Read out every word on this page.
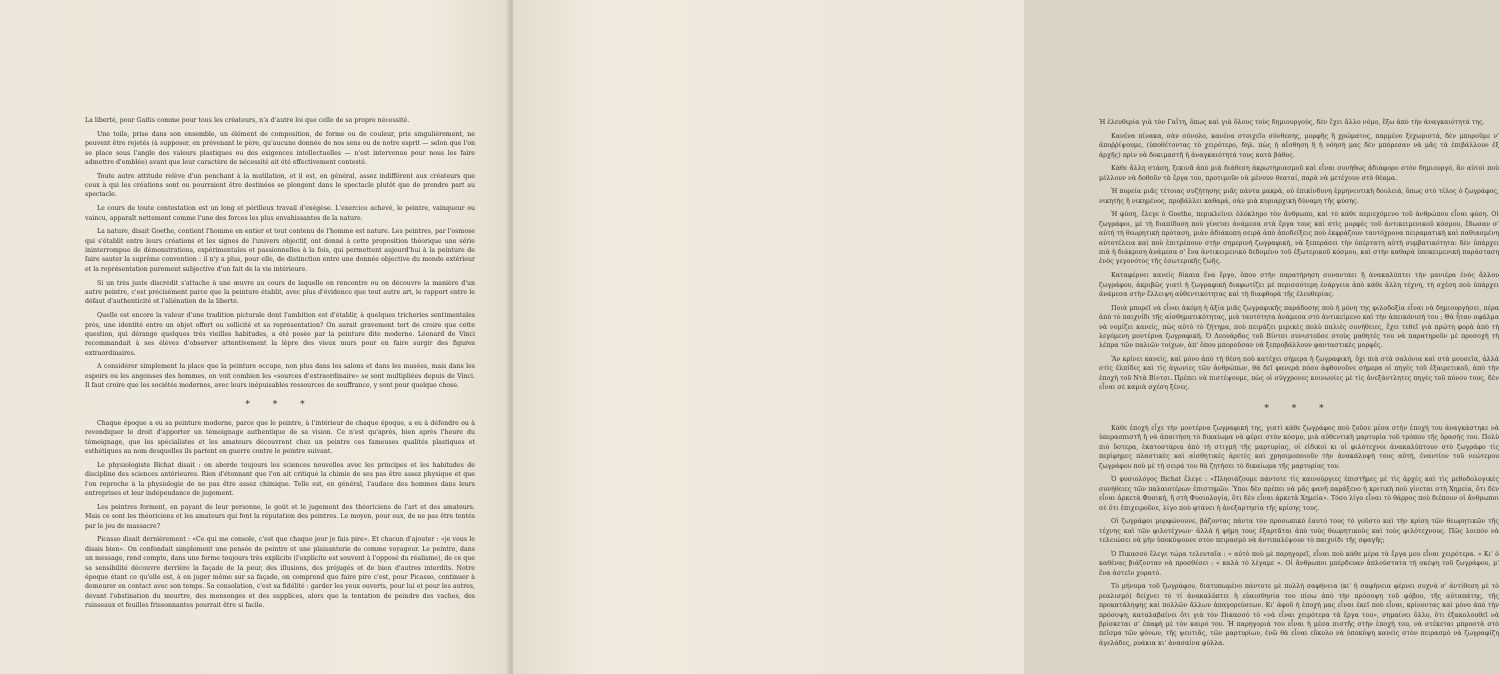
La liberté, pour Gaitis comme pour tous les créateurs, n'a d'autre loi que celle de sa propre nécessité.

Une toile, prise dans son ensemble, un élément de composition, de forme ou de couleur, pris singulièrement, ne peuvent être rejetés (à supposer, en prévenant le père, qu'aucune donnée de nos sens ou de notre esprit — selon que l'on se place sous l'angle des valeurs plastiques ou des exigences intellectuelles — n'est intervenue pour nous les faire admettre d'emblée) avant que leur caractère de nécessité ait été effectivement contesté.

Toute autre attitude relève d'un penchant à la mutilation, et il est, en général, assez indifférent aux créateurs que ceux à qui les créations sont ou pourraient être destinées se plongent dans le spectacle plutôt que de prendre part au spectacle.

Le cours de toute contestation est un long et périlleux travail d'exégèse. L'exercice achevé, le peintre, vainqueur ou vaincu, apparaît nettement comme l'une des forces les plus envahissantes de la nature.

La nature, disait Goethe, contient l'homme en entier et tout contenu de l'homme est nature. Les peintres, par l'osmose qui s'établit entre leurs créations et les signes de l'univers objectif, ont donné à cette proposition théorique une série ininterrompue de démonstrations, expérimentales et passionnelles à la fois, qui permettent aujourd'hui à la peinture de faire sauter la suprême convention : il n'y a plus, pour elle, de distinction entre une donnée objective du monde extérieur et la représentation purement subjective d'un fait de la vie intérieure.

Si un très juste discrédit s'attache à une œuvre au cours de laquelle on rencontre ou on découvre la manière d'un autre peintre, c'est précisément parce que la peinture établit, avec plus d'évidence que tout autre art, le rapport entre le défaut d'authenticité et l'aliénation de la liberté.

Quelle est encore la valeur d'une tradition picturale dont l'ambition est d'établir, à quelques tricheries sentimentales près, une identité entre un objet offert ou sollicité et sa représentation? On aurait gravement tort de croire que cette question, qui dérange quelques très vieilles habitudes, a été posée par la peinture dite moderne. Léonard de Vinci recommandait à ses élèves d'observer attentivement la lèpre des vieux murs pour en faire surgir des figures extraordinaires.

A considérer simplement la place que la peinture occupe, non plus dans les salons et dans les musées, mais dans les espoirs ou les angoisses des hommes, on voit combien les «sources d'extraordinaire» se sont multipliées depuis de Vinci. Il faut croire que les sociétés modernes, avec leurs inépuisables ressources de souffrance, y sont pour quelque chose.

* * *

Chaque époque a eu sa peinture moderne, parce que le peintre, à l'intérieur de chaque époque, a eu à défendre ou à revendiquer le droit d'apporter un témoignage authentique de sa vision. Ce n'est qu'après, bien après l'heure du témoignage, que les spécialistes et les amateurs découvrent chez un peintre ces fameuses qualités plastiques et esthétiques au nom desquelles ils partent en guerre contre le peintre suivant.

Le physiologiste Bichat disait : on aborde toujours les sciences nouvelles avec les principes et les habitudes de discipline des sciences antérieures. Rien d'étonnant que l'on ait critiqué la chimie de ses pas être assez physique et que l'on reproche à la physiologie de ne pas être assez chimique. Telle est, en général, l'audace des hommes dans leurs entreprises et leur indépendance de jugement.

Les peintres forment, en payant de leur personne, le goût et le jugement des théoriciens de l'art et des amateurs. Mais ce sont les théoriciens et les amateurs qui font la réputation des peintres. Le moyen, pour eux, de ne pas être tentés par le jeu de massacre?

Picasso disait dernièrement : «Ce qui me console, c'est que chaque jour je fais pire». Et chacun d'ajouter : «je vous le disais bien». On confondait simplement une pensée de peintre et une plaisanterie de comme voyageur. Le peintre, dans un message, rend compte, dans une forme toujours très explicite (l'explicite est souvent à l'opposé du réalisme), de ce que sa sensibilité découvre derrière la façade de la peur, des illusions, des préjugés et de bien d'autres interdits. Notre époque étant ce qu'elle est, à en juger même sur sa façade, on comprend que faire pire c'est, pour Picasso, continuer à demeurer en contact avec son temps. Sa consolation, c'est sa fidélité : garder les yeux ouverts, pour lui et pour les autres, devant l'obstination du meurtre, des mensonges et des supplices, alors que la tentation de peindre des vaches, des ruisseaux et feuilles frissonnantes pourrait être si facile.

Ἡ ἐλευθερία γιὰ τὸν Γαΐτη, ὅπως καὶ γιὰ ὅλους τοὺς δημιουργούς, δὲν ἔχει ἄλλο νόμο, ἔξω ἀπὸ τὴν ἀναγκαιότητά της.

Κανένα πίνακα, σὰν σύνολο, κανένα στοιχεῖο σύνθεσης, μορφῆς ἢ χρώματος, παρμένο ξεχωριστά, δὲν μποροῦμε ν' ἀποῤῥίψουμε, (ὑποθέτοντας τὸ χειρότερο, δηλ. πὼς ἡ αἴσθηση ἢ ἡ νόησή μας δὲν μπόρεσαν νὰ μᾶς τὰ ἐπιβάλλουν ἐξ ἀρχῆς) πρὶν νὰ δοκιμαστῆ ἡ ἀναγκαιότητά τους κατὰ βάθος.

Κάθε ἄλλη στάση, ξεκινᾶ ἀπὸ μιὰ διάθεση ἀκρωτηριασμοῦ καὶ εἶναι συνήθως ἀδιάφορο στὸν δημιουργό, ἂν αὐτοὶ ποὺ μέλλουν νὰ δοθοῦν τὰ ἔργα του, προτιμοῦν νὰ μένουν θεαταί, παρὰ νὰ μετέχουν στὸ θέαμα.

Ἡ πορεία μιᾶς τέτοιας συζήτησης μιᾶς πάντα μακρὰ, οὐ ἐπικίνδυνη ἑρμηνευτικὴ δουλειά, ὅπως στὸ τέλος ὁ ζωγράφος, νικητὴς ἢ νικημένος, προβάλλει καθαρά, σὰν μιὰ κυριαρχικὴ δύναμη τῆς φύσης.

Ἡ φύση, ἔλεγε ὁ Goethe, περικλείνει ὁλόκληρο τὸν ἄνθρωπο, καὶ τὸ κάθε περιεχόμενο τοῦ ἀνθρώπου εἶναι φύση. Οἱ ζωγράφοι, μὲ τὴ διαπίδυση ποὺ γίνεται ἀνάμεσα στὰ ἔργα τους καὶ στὶς μορφὲς τοῦ ἀντικειμενικοῦ κόσμου, ἔδωσαν σ' αὐτὴ τὴ θεωρητικὴ πρόταση, μιὰν ἀδιάκοπη σειρὰ ἀπὸ ἀποδείξεις ποὺ ἐκφράζουν ταυτόχρονα πειραματικὴ καὶ παθιασμένη αὐτοτέλεια καὶ ποὺ ἐπιτρέπουν στὴν σημερινὴ ζωγραφική, νὰ ξεπεράσει τὴν ὑπέρτατη αὐτὴ συμβατικότητα: δὲν ὑπάρχει πιὰ ἡ διάκριση ἀνάμεσα σ' ἕνα ἀντικειμενικὸ δεδομένο τοῦ ἐξωτερικοῦ κόσμου, καὶ στὴν καθαρὰ ὑποκειμενικὴ παράσταση ἑνὸς γεγονότος τῆς ἐσωτερικῆς ζωῆς.

Καταφέρνει κανεὶς δίκαια ἕνα ἔργο, ὅπου στὴν παρατήρηση συναντάει ἢ ἀνακαλύπτει τὴν μανιέρα ἑνὸς ἄλλου ζωγράφου, ἀκριβῶς γιατὶ ἡ ζωγραφικὴ διαφωτίζει μὲ περισσότερη ἐνάργεια ἀπὸ κάθε ἄλλη τέχνη, τὴ σχέση ποὺ ὑπάρχει ἀνάμεσα στὴν ἔλλειψη αὐθεντικότητας καὶ τὴ διαφθορὰ τῆς ἐλευθερίας.

Ποιὰ μπορεῖ νὰ εἶναι ἀκόμη ἡ ἀξία μιᾶς ζωγραφικῆς παράδοσης ποὺ ἡ μόνη της φιλοδοξία εἶναι νὰ δημιουργήσει, πέρα ἀπὸ τὸ παιχνίδι τῆς αἰσθηματικότητας, μιὰ ταυτότητα ἀνάμεσα στὸ ἀντικείμενο καὶ τὴν ἀπεικόνισή του ; Θὰ ἦταν σφάλμα νὰ νομίζει κανείς, πὼς αὐτὸ τὸ ζήτημα, ποὺ πειράζει μερικὲς πολὺ παλιὲς συνήθειες, ἔχει τεθεῖ γιὰ πρώτη φορὰ ἀπὸ τὴ λεγόμενη μοντέρνα ζωγραφική. Ὁ Λεονάρδος τοῦ Βίντσι συνιστοῦσε στοὺς μαθητές του νὰ παρατηροῦν μὲ προσοχὴ τὴ λέπρα τῶν παλιῶν τοίχων, ἀπ' ὅπου μποροῦσαν νὰ ξεπροβάλλουν φανταστικὲς μορφές.

Ἂν κρίνει κανείς, καὶ μόνο ἀπὸ τὴ θέση ποὺ κατέχει σήμερα ἡ ζωγραφική, ὄχι πιὰ στὰ σαλόνια καὶ στὰ μουσεῖα, ἀλλὰ στὶς ἐλπίδες καὶ τὶς ἀγωνίες τῶν ἀνθρώπων, θὰ δεῖ φανερὰ πόσο ἀφθονοῦνε σήμερα οἱ πηγὲς τοῦ ἐξαιρετικοῦ, ἀπὸ τὴν ἐποχὴ τοῦ Ντὰ Βίντσι. Πρέπει νὰ πιστέψουμε, πὼς οἱ σύγχρονες κοινωνίες μὲ τὶς ἀνεξάντλητες πηγὲς τοῦ πόνου τους, δὲν εἶναι σὲ καμιὰ σχέση ξένες.

* * *

Κάθε ἐποχὴ εἶχε τὴν μοντέρνα ζωγραφική της, γιατὶ κάθε ζωγράφος ποὺ ζοῦσε μέσα στὴν ἐποχή του ἀναγκάστηκε νὰ ὑπερασπιστῆ ἢ νὰ ἀπαιτήση τὸ δικαίωμα νὰ φέρει στὸν κόσμο, μιὰ αὐθεντικὴ μαρτυρία τοῦ τρόπου τῆς ὅρασής του. Πολὺ πιὸ ὕστερα, ἐκατοστάρια ἀπὸ τὴ στιγμὴ τῆς μαρτυρίας, οἱ εἰδικοὶ κι οἱ φιλότεχνοι ἀνακαλύπτουν στὸ ζωγράφο τὶς περίφημες πλαστικὲς καὶ αἰσθητικὲς ἀρετὲς καὶ χρησιμοποιοῦν τὴν ἀνακάλυψή τους αὐτή, ἐναντίον τοῦ νεώτερου ζωγράφου ποὺ μὲ τὴ σειρά του θὰ ζητήσει τὸ δικαίωμα τῆς μαρτυρίας του.

Ὁ φυσιολόγος Bichat ἔλεγε : «Πλησιάζουμε πάντοτε τὶς καινούργιες ἐπιστῆμες μὲ τὶς ἀρχὲς καὶ τὶς μεθοδολογικὲς συνήθειες τῶν παλαιοτέρων ἐπιστημῶν. Ὑποι δὲν πρέπει νὰ μᾶς φανῆ παράξενο ἡ κριτικὴ ποὺ γίνεται στὴ Χημεία, ὅτι δὲν εἶναι ἀρκετὰ Φυσική, ἢ στὴ Φυσιολογία, ὅτι δὲν εἶναι ἀρκετὰ Χημεία». Τόσο λίγο εἶναι τὸ θάρρος ποὺ διέπουν οἱ ἄνθρωποι σὲ ὅτι ἐπιχειροῦνε, λίγο ποὺ φτάνει ἡ ἀνεξαρτησία τῆς κρίσης τους.

Οἱ ζωγράφοι μορφώνουνε, βάζοντας πάντα τὸν προσωπικὸ ἑαυτό τους τὸ γοῦστο καὶ τὴν κρίση τῶν θεωρητικῶν τῆς τέχνης καὶ τῶν φιλοτέχνων· ἀλλὰ ἡ φήμη τους ἐξαρτᾶται ἀπὸ τοὺς θεωρητικοὺς καὶ τοὺς φιλότεχνους. Πῶς λοιπὸν νὰ τελειώσει νὰ μὴν ὑποκύψουνε στὸν πειρασμὸ νὰ ἀντιπαλέψουν τὸ παιχνίδι τῆς σφαγῆς;

Ὁ Πικασσὸ ἔλεγε τώρα τελευταῖα : « αὐτὸ ποὺ μὲ παρηγορεῖ, εἶναι ποὺ κάθε μέρα τὰ ἔργα μου εἶναι χειρότερα. » Κι' ὁ καθένας βιάζονταν νὰ προσθέσει : « καλὰ τὸ λέγαμε ». Οἱ ἄνθρωποι μπέρδευαν ἁπλούστατα τὴ σκέψη τοῦ ζωγράφου, μ' ἕνα ἀστεῖο χορατό.

Τὸ μήνυμα τοῦ ζωγράφου, διατυπωμένο πάντοτε μὲ πολλὴ σαφήνεια (κι' ἡ σαφήνεια φέρνει συχνὰ σ' ἀντίθεση μὲ τὸ ρεαλισμό) δείχνει τὸ τί ἀνακαλύπτει ἡ εὐαισθησία του πίσω ἀπὸ τὴν πρόσοψη τοῦ φόβου, τῆς αὐταπάτης, τῆς προκατάληψης καὶ πολλῶν ἄλλων ἀπαγορεύσεων. Κι' ἀφοῦ ἡ ἐποχή μας εἶναι ἐκεῖ ποὺ εἶναι, κρίνοντας καὶ μόνο ἀπὸ τὴν πρόσοψη, καταλαβαίνει ὅτι γιὰ τὸν Πικασσὸ τὸ «νὰ εἶναι χειρότερα τὰ ἔργα του», σημαίνει ὅλλο, ὅτι ἐξακολουθεῖ νὰ βρίσκεται σ' ἐπαφὴ μὲ τὸν καιρό του. Ἡ παρηγοριά του εἶναι ἡ μέσα πιστῆς στὴν ἐποχή του, νὰ στέκεται μπροστὰ στὸ πεῖσμα τῶν φόνων, τῆς ψευτιᾶς, τῶν μαρτυρίων, ἐνῶ θὰ εἶναι εὔκολο νὰ ὑποκύψη κανεὶς στὸν πειρασμὸ νὰ ζωγραφίζη ἀγελάδες, ρυάκια κι' ἀνασαίνα φύλλα.
